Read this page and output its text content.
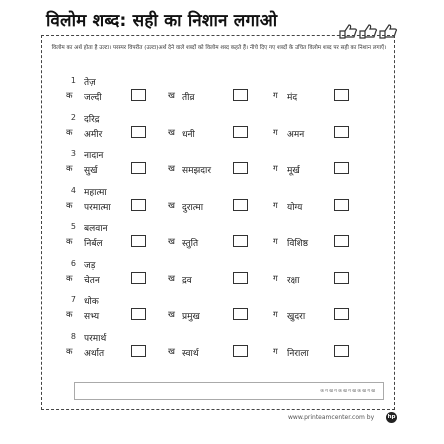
विलोम शब्द: सही का निशान लगाओ
विलोम का अर्थ होता है उल्टा। परस्पर विपरीत (उल्टा)अर्थ देने वाले शब्दों को विलोम शब्द कहते हैं। नीचे दिए गए शब्दों के उचित विलोम शब्द पर सही का निशान लगाएँ।
1 तेज़
क जल्दी	ख तीव्र	ग मंद
2 दरिद्र
क अमीर	ख धनी	ग अमन
3 नादान
क सुर्ख	ख समझदार	ग मूर्ख
4 महात्मा
क परमात्मा	ख दुरात्मा	ग योग्य
5 बलवान
क निर्बल	ख स्तुति	ग विशिष्ठ
6 जड़
क चेतन	ख द्रव	ग रक्षा
7 धोक
क सभ्य	ख प्रमुख	ग खुदरा
8 परमार्थ
क अर्थात	ख स्वार्थ	ग निराला
क ग ख ग क ख ग ख क ख ग ख
www.printeamcenter.com by hp
